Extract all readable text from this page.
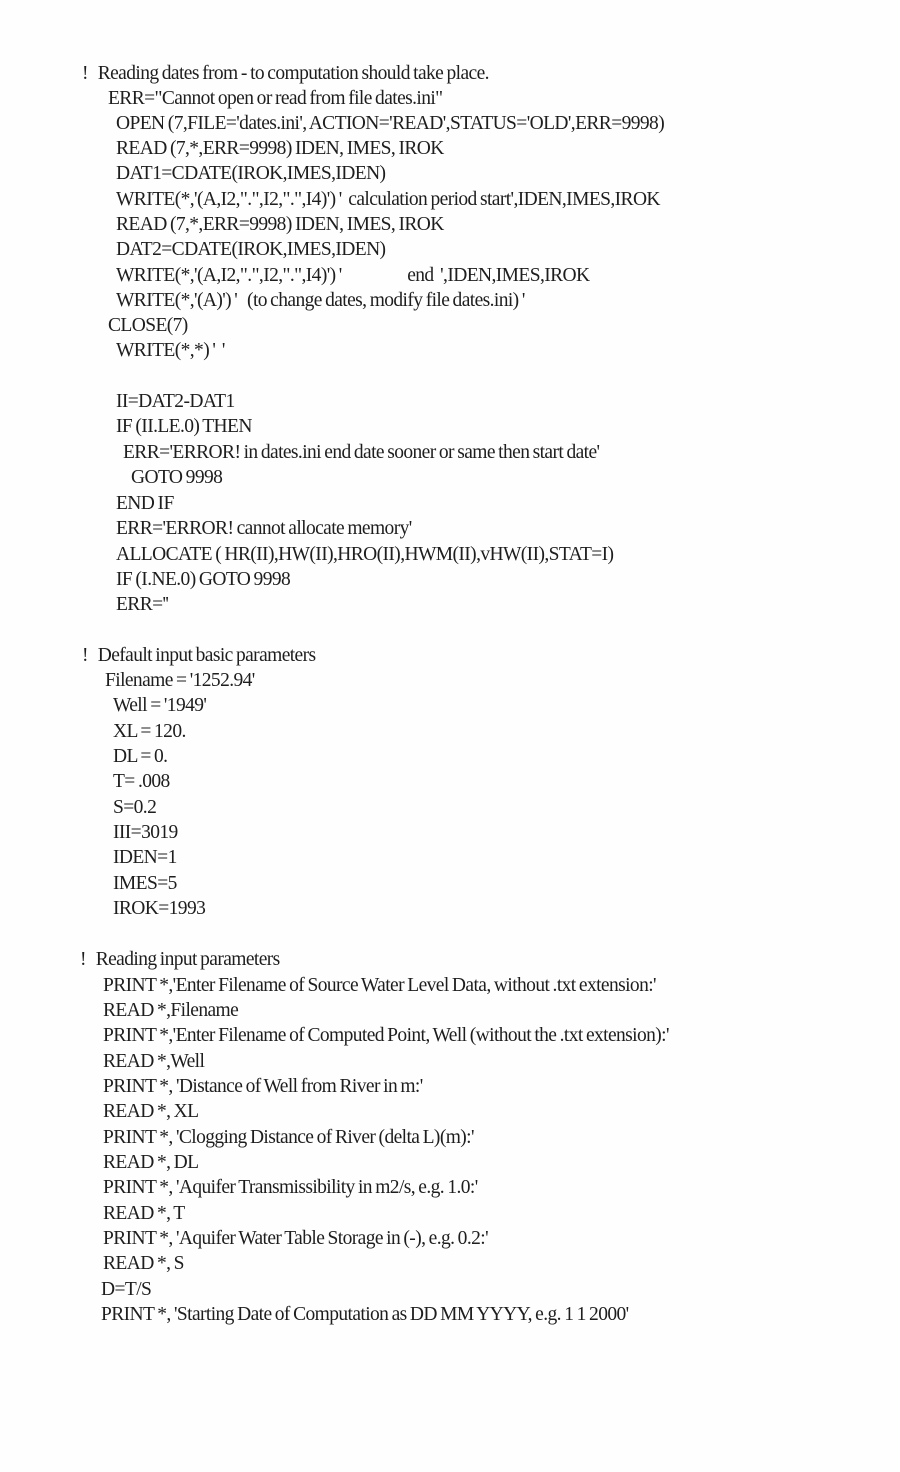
!   Reading dates from - to computation should take place.
ERR="Cannot open or read from file dates.ini"
OPEN (7,FILE='dates.ini', ACTION='READ',STATUS='OLD',ERR=9998)
READ (7,*,ERR=9998) IDEN, IMES, IROK
DAT1=CDATE(IROK,IMES,IDEN)
WRITE(*,'(A,I2,".",I2,".",I4)') '  calculation period start',IDEN,IMES,IROK
READ (7,*,ERR=9998) IDEN, IMES, IROK
DAT2=CDATE(IROK,IMES,IDEN)
WRITE(*,'(A,I2,".",I2,".",I4)') '                    end  ',IDEN,IMES,IROK
WRITE(*,'(A)') '   (to change dates, modify file dates.ini) '
CLOSE(7)
WRITE(*,*) '  '
II=DAT2-DAT1
IF (II.LE.0) THEN
ERR='ERROR! in dates.ini end date sooner or same then start date'
GOTO 9998
END IF
ERR='ERROR! cannot allocate memory'
ALLOCATE ( HR(II),HW(II),HRO(II),HWM(II),vHW(II),STAT=I)
IF (I.NE.0) GOTO 9998
ERR=''
!   Default input basic parameters
Filename = '1252.94'
Well = '1949'
XL = 120.
DL = 0.
T= .008
S=0.2
III=3019
IDEN=1
IMES=5
IROK=1993
!   Reading input parameters
PRINT *,'Enter Filename of Source Water Level Data, without .txt extension:'
READ *,Filename
PRINT *,'Enter Filename of Computed Point, Well (without the .txt extension):'
READ *,Well
PRINT *, 'Distance of Well from River in m:'
READ *, XL
PRINT *, 'Clogging Distance of River (delta L)(m):'
READ *, DL
PRINT *, 'Aquifer Transmissibility in m2/s, e.g. 1.0:'
READ *, T
PRINT *, 'Aquifer Water Table Storage in (-), e.g. 0.2:'
READ *, S
D=T/S
PRINT *, 'Starting Date of Computation as DD MM YYYY, e.g. 1 1 2000'
